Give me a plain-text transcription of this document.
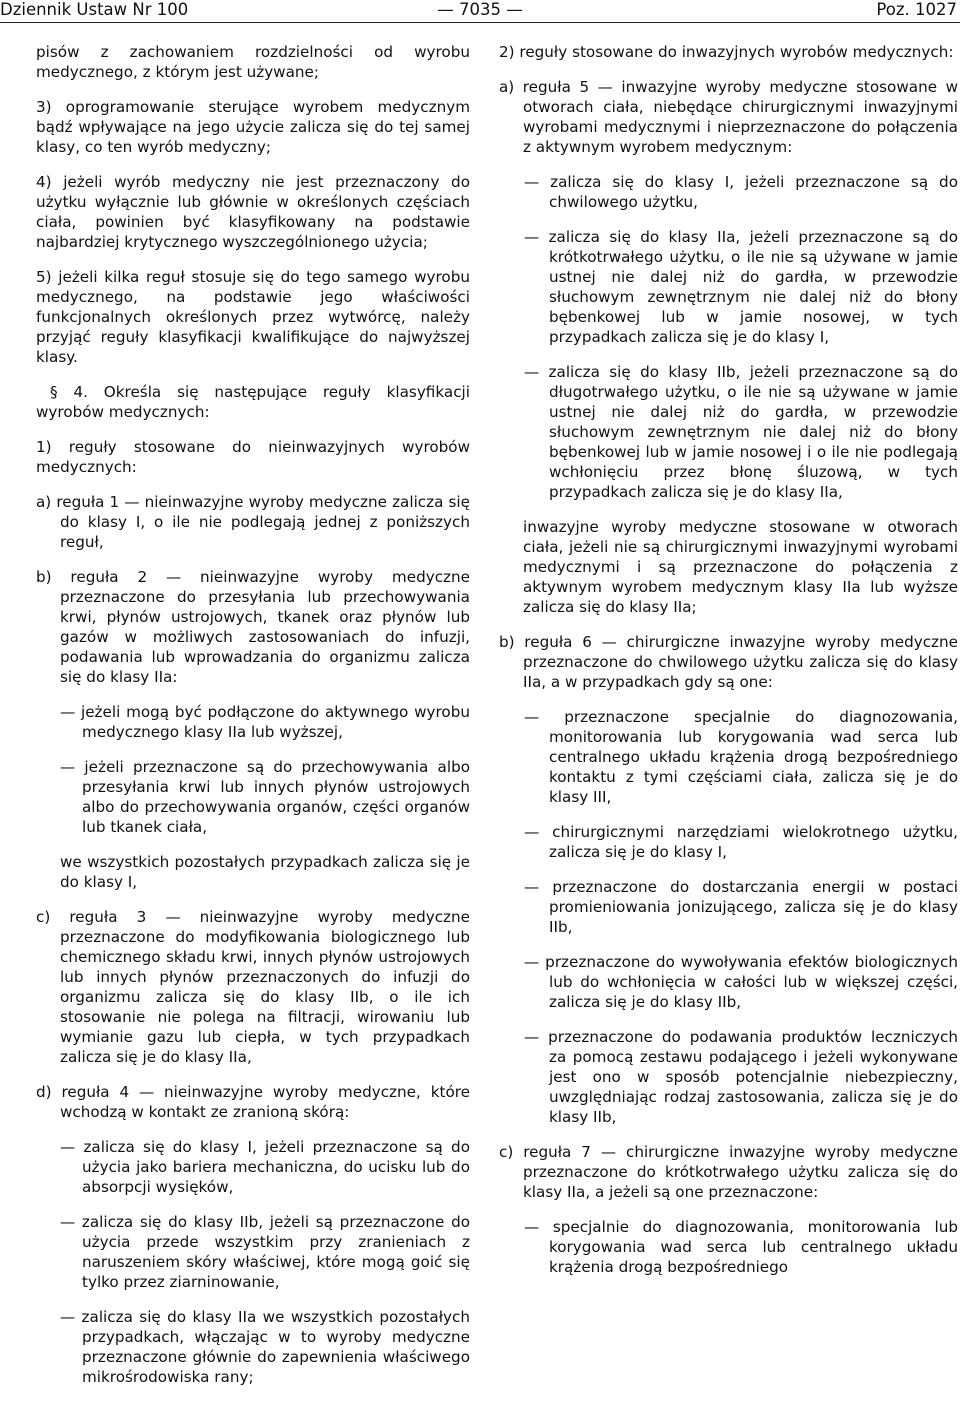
Dziennik Ustaw Nr 100	— 7035 —	Poz. 1027

pisów z zachowaniem rozdzielności od wyrobu medycznego, z którym jest używane;

3) oprogramowanie sterujące wyrobem medycznym bądź wpływające na jego użycie zalicza się do tej samej klasy, co ten wyrób medyczny;

4) jeżeli wyrób medyczny nie jest przeznaczony do użytku wyłącznie lub głównie w określonych częściach ciała, powinien być klasyfikowany na podstawie najbardziej krytycznego wyszczególnionego użycia;

5) jeżeli kilka reguł stosuje się do tego samego wyrobu medycznego, na podstawie jego właściwości funkcjonalnych określonych przez wytwórcę, należy przyjąć reguły klasyfikacji kwalifikujące do najwyższej klasy.

§ 4. Określa się następujące reguły klasyfikacji wyrobów medycznych:

1) reguły stosowane do nieinwazyjnych wyrobów medycznych:

a) reguła 1 — nieinwazyjne wyroby medyczne zalicza się do klasy I, o ile nie podlegają jednej z poniższych reguł,

b) reguła 2 — nieinwazyjne wyroby medyczne przeznaczone do przesyłania lub przechowywania krwi, płynów ustrojowych, tkanek oraz płynów lub gazów w możliwych zastosowaniach do infuzji, podawania lub wprowadzania do organizmu zalicza się do klasy IIa:

— jeżeli mogą być podłączone do aktywnego wyrobu medycznego klasy IIa lub wyższej,

— jeżeli przeznaczone są do przechowywania albo przesyłania krwi lub innych płynów ustrojowych albo do przechowywania organów, części organów lub tkanek ciała,

we wszystkich pozostałych przypadkach zalicza się je do klasy I,

c) reguła 3 — nieinwazyjne wyroby medyczne przeznaczone do modyfikowania biologicznego lub chemicznego składu krwi, innych płynów ustrojowych lub innych płynów przeznaczonych do infuzji do organizmu zalicza się do klasy IIb, o ile ich stosowanie nie polega na filtracji, wirowaniu lub wymianie gazu lub ciepła, w tych przypadkach zalicza się je do klasy IIa,

d) reguła 4 — nieinwazyjne wyroby medyczne, które wchodzą w kontakt ze zranioną skórą:

— zalicza się do klasy I, jeżeli przeznaczone są do użycia jako bariera mechaniczna, do ucisku lub do absorpcji wysięków,

— zalicza się do klasy IIb, jeżeli są przeznaczone do użycia przede wszystkim przy zranieniach z naruszeniem skóry właściwej, które mogą goić się tylko przez ziarninowanie,

— zalicza się do klasy IIa we wszystkich pozostałych przypadkach, włączając w to wyroby medyczne przeznaczone głównie do zapewnienia właściwego mikrośrodowiska rany;

2) reguły stosowane do inwazyjnych wyrobów medycznych:

a) reguła 5 — inwazyjne wyroby medyczne stosowane w otworach ciała, niebędące chirurgicznymi inwazyjnymi wyrobami medycznymi i nieprzeznaczone do połączenia z aktywnym wyrobem medycznym:

— zalicza się do klasy I, jeżeli przeznaczone są do chwilowego użytku,

— zalicza się do klasy IIa, jeżeli przeznaczone są do krótkotrwałego użytku, o ile nie są używane w jamie ustnej nie dalej niż do gardła, w przewodzie słuchowym zewnętrznym nie dalej niż do błony bębenkowej lub w jamie nosowej, w tych przypadkach zalicza się je do klasy I,

— zalicza się do klasy IIb, jeżeli przeznaczone są do długotrwałego użytku, o ile nie są używane w jamie ustnej nie dalej niż do gardła, w przewodzie słuchowym zewnętrznym nie dalej niż do błony bębenkowej lub w jamie nosowej i o ile nie podlegają wchłonięciu przez błonę śluzową, w tych przypadkach zalicza się je do klasy IIa,

inwazyjne wyroby medyczne stosowane w otworach ciała, jeżeli nie są chirurgicznymi inwazyjnymi wyrobami medycznymi i są przeznaczone do połączenia z aktywnym wyrobem medycznym klasy IIa lub wyższe zalicza się do klasy IIa;

b) reguła 6 — chirurgiczne inwazyjne wyroby medyczne przeznaczone do chwilowego użytku zalicza się do klasy IIa, a w przypadkach gdy są one:

— przeznaczone specjalnie do diagnozowania, monitorowania lub korygowania wad serca lub centralnego układu krążenia drogą bezpośredniego kontaktu z tymi częściami ciała, zalicza się je do klasy III,

— chirurgicznymi narzędziami wielokrotnego użytku, zalicza się je do klasy I,

— przeznaczone do dostarczania energii w postaci promieniowania jonizującego, zalicza się je do klasy IIb,

— przeznaczone do wywoływania efektów biologicznych lub do wchłonięcia w całości lub w większej części, zalicza się je do klasy IIb,

— przeznaczone do podawania produktów leczniczych za pomocą zestawu podającego i jeżeli wykonywane jest ono w sposób potencjalnie niebezpieczny, uwzględniając rodzaj zastosowania, zalicza się je do klasy IIb,

c) reguła 7 — chirurgiczne inwazyjne wyroby medyczne przeznaczone do krótkotrwałego użytku zalicza się do klasy IIa, a jeżeli są one przeznaczone:

— specjalnie do diagnozowania, monitorowania lub korygowania wad serca lub centralnego układu krążenia drogą bezpośredniego
